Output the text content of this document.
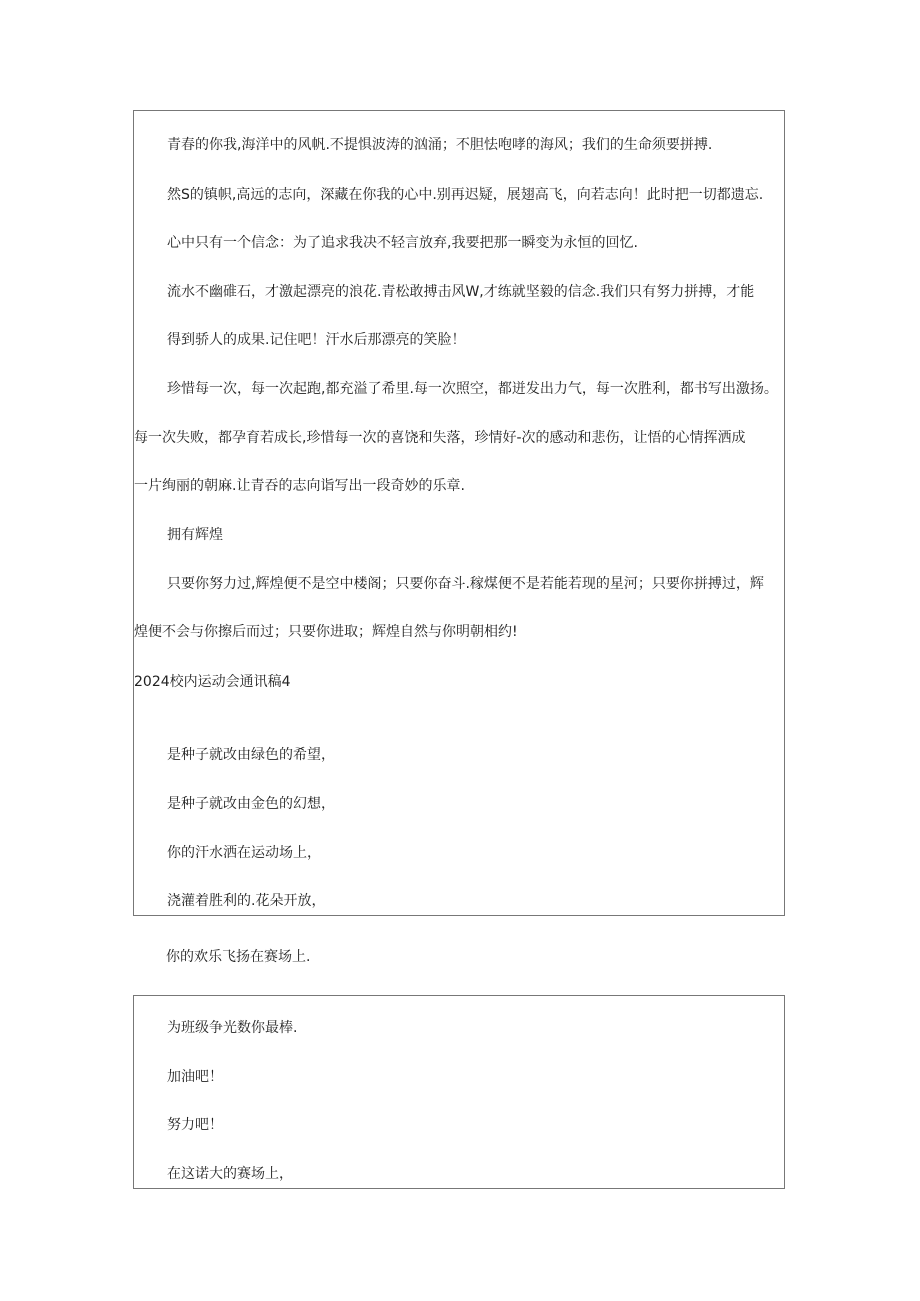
青春的你我,海洋中的风帆.不提惧波涛的汹涌；不胆怯咆哮的海风；我们的生命须要拼搏.
然S的镇帜,高远的志向，深藏在你我的心中.别再迟疑，展翅高飞，向若志向！此时把一切都遗忘.
心中只有一个信念：为了追求我决不轻言放弃,我要把那一瞬变为永恒的回忆.
流水不幽碓石，才激起漂亮的浪花.青松敢搏击风W,才练就坚毅的信念.我们只有努力拼搏，才能
得到骄人的成果.记住吧！汗水后那漂亮的笑脸！
珍惜每一次，每一次起跑,都充溢了希里.每一次照空，都迸发出力气，每一次胜利，都书写出激扬。
每一次失败，都孕育若成长,珍惜每一次的喜饶和失落，珍情好-次的感动和悲伤，让悟的心情挥洒成
一片绚丽的朝麻.让青吞的志向诣写出一段奇妙的乐章.
拥有辉煌
只要你努力过,辉煌便不是空中楼阁；只要你奋斗.稼煤便不是若能若现的星河；只要你拼搏过，辉
煌便不会与你擦后而过；只要你进取；辉煌自然与你明朝相约!
2024校内运动会通讯稿4
是种子就改由绿色的希望，
是种子就改由金色的幻想，
你的汗水洒在运动场上，
浇灌着胜利的.花朵开放，
你的欢乐飞扬在赛场上.
为班级争光数你最棒.
加油吧！
努力吧！
在这诺大的赛场上，
